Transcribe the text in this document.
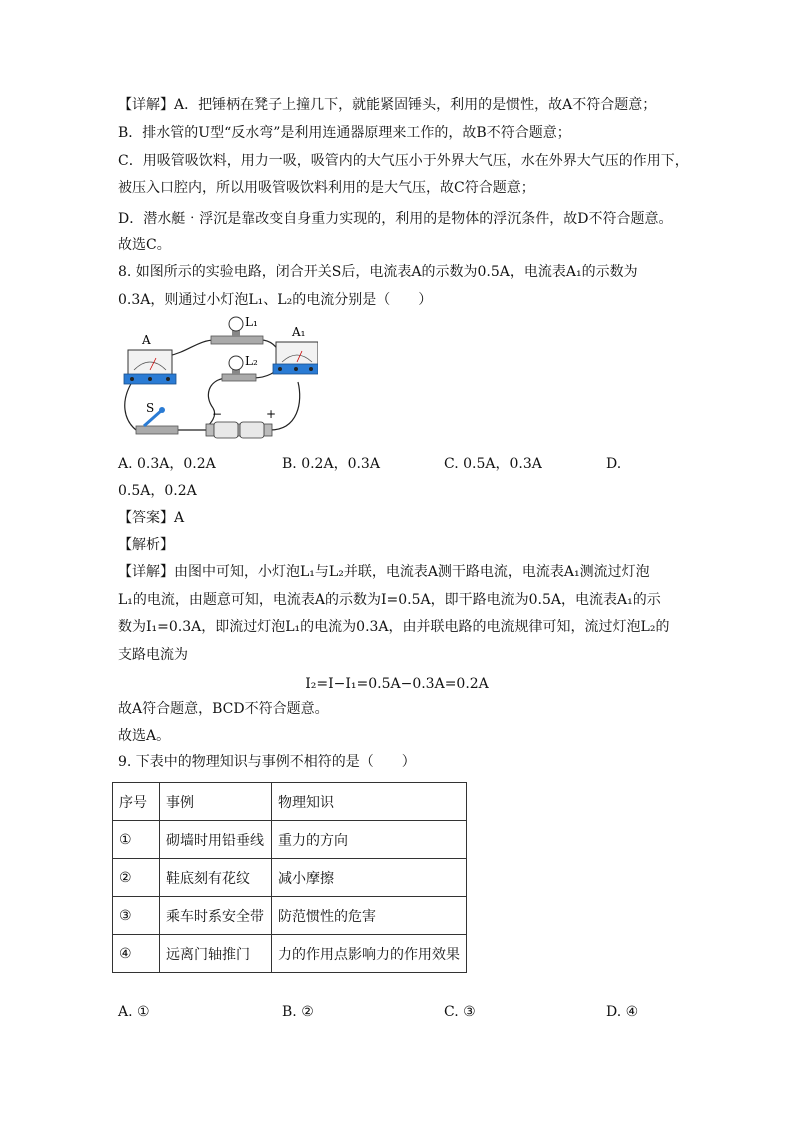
【详解】A．把锤柄在凳子上撞几下，就能紧固锤头，利用的是惯性，故A不符合题意；
B．排水管的U型“反水弯”是利用连通器原理来工作的，故B不符合题意；
C．用吸管吸饮料，用力一吸，吸管内的大气压小于外界大气压，水在外界大气压的作用下，
被压入口腔内，所以用吸管吸饮料利用的是大气压，故C符合题意；
D．潜水艇‧浮沉是靠改变自身重力实现的，利用的是物体的浮沉条件，故D不符合题意。
故选C。
8. 如图所示的实验电路，闭合开关S后，电流表A的示数为0.5A，电流表A₁的示数为
0.3A，则通过小灯泡L₁、L₂的电流分别是（　　）
A
L₁
L₂
A₁
S	−	+
A. 0.3A，0.2A	B. 0.2A，0.3A	C. 0.5A，0.3A	D.
0.5A，0.2A
【答案】A
【解析】
【详解】由图中可知，小灯泡L₁与L₂并联，电流表A测干路电流，电流表A₁测流过灯泡
L₁的电流，由题意可知，电流表A的示数为I=0.5A，即干路电流为0.5A，电流表A₁的示
数为I₁=0.3A，即流过灯泡L₁的电流为0.3A，由并联电路的电流规律可知，流过灯泡L₂的
支路电流为
I₂=I−I₁=0.5A−0.3A=0.2A
故A符合题意，BCD不符合题意。
故选A。
9. 下表中的物理知识与事例不相符的是（　　）
序号	事例	物理知识
①	砌墙时用铅垂线	重力的方向
②	鞋底刻有花纹	减小摩擦
③	乘车时系安全带	防范惯性的危害
④	远离门轴推门	力的作用点影响力的作用效果
A. ①	B. ②	C. ③	D. ④
